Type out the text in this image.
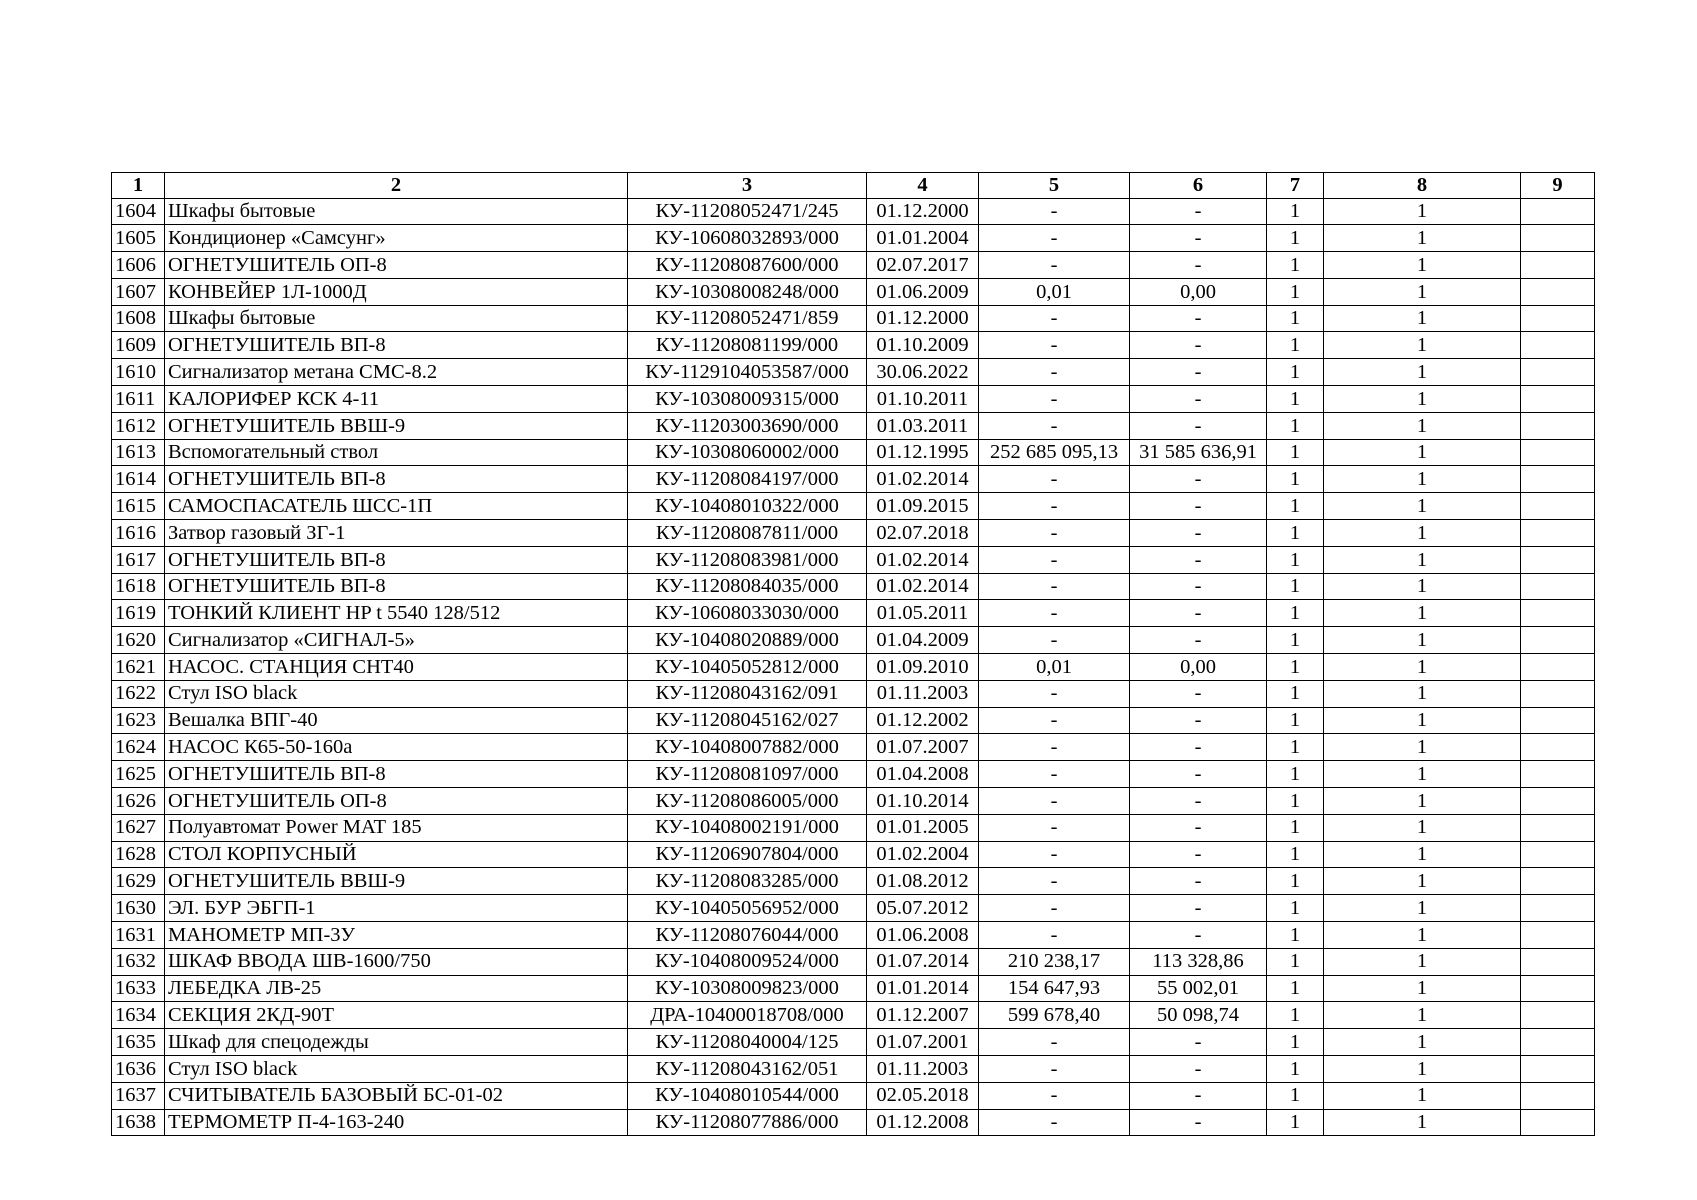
1	2	3	4	5	6	7	8	9
1604	Шкафы бытовые	КУ-11208052471/245	01.12.2000	-	-	1	1	
1605	Кондиционер «Самсунг»	КУ-10608032893/000	01.01.2004	-	-	1	1	
1606	ОГНЕТУШИТЕЛЬ ОП-8	КУ-11208087600/000	02.07.2017	-	-	1	1	
1607	КОНВЕЙЕР 1Л-1000Д	КУ-10308008248/000	01.06.2009	0,01	0,00	1	1	
1608	Шкафы бытовые	КУ-11208052471/859	01.12.2000	-	-	1	1	
1609	ОГНЕТУШИТЕЛЬ ВП-8	КУ-11208081199/000	01.10.2009	-	-	1	1	
1610	Сигнализатор метана СМС-8.2	КУ-1129104053587/000	30.06.2022	-	-	1	1	
1611	КАЛОРИФЕР КСК 4-11	КУ-10308009315/000	01.10.2011	-	-	1	1	
1612	ОГНЕТУШИТЕЛЬ ВВШ-9	КУ-11203003690/000	01.03.2011	-	-	1	1	
1613	Вспомогательный ствол	КУ-10308060002/000	01.12.1995	252 685 095,13	31 585 636,91	1	1	
1614	ОГНЕТУШИТЕЛЬ ВП-8	КУ-11208084197/000	01.02.2014	-	-	1	1	
1615	САМОСПАСАТЕЛЬ ШСС-1П	КУ-10408010322/000	01.09.2015	-	-	1	1	
1616	Затвор газовый ЗГ-1	КУ-11208087811/000	02.07.2018	-	-	1	1	
1617	ОГНЕТУШИТЕЛЬ ВП-8	КУ-11208083981/000	01.02.2014	-	-	1	1	
1618	ОГНЕТУШИТЕЛЬ ВП-8	КУ-11208084035/000	01.02.2014	-	-	1	1	
1619	ТОНКИЙ КЛИЕНТ HP t 5540 128/512	КУ-10608033030/000	01.05.2011	-	-	1	1	
1620	Сигнализатор «СИГНАЛ-5»	КУ-10408020889/000	01.04.2009	-	-	1	1	
1621	НАСОС. СТАНЦИЯ СНТ40	КУ-10405052812/000	01.09.2010	0,01	0,00	1	1	
1622	Стул ISO black	КУ-11208043162/091	01.11.2003	-	-	1	1	
1623	Вешалка ВПГ-40	КУ-11208045162/027	01.12.2002	-	-	1	1	
1624	НАСОС К65-50-160а	КУ-10408007882/000	01.07.2007	-	-	1	1	
1625	ОГНЕТУШИТЕЛЬ ВП-8	КУ-11208081097/000	01.04.2008	-	-	1	1	
1626	ОГНЕТУШИТЕЛЬ ОП-8	КУ-11208086005/000	01.10.2014	-	-	1	1	
1627	Полуавтомат Power MAT 185	КУ-10408002191/000	01.01.2005	-	-	1	1	
1628	СТОЛ КОРПУСНЫЙ	КУ-11206907804/000	01.02.2004	-	-	1	1	
1629	ОГНЕТУШИТЕЛЬ ВВШ-9	КУ-11208083285/000	01.08.2012	-	-	1	1	
1630	ЭЛ. БУР ЭБГП-1	КУ-10405056952/000	05.07.2012	-	-	1	1	
1631	МАНОМЕТР МП-3У	КУ-11208076044/000	01.06.2008	-	-	1	1	
1632	ШКАФ ВВОДА ШВ-1600/750	КУ-10408009524/000	01.07.2014	210 238,17	113 328,86	1	1	
1633	ЛЕБЕДКА ЛВ-25	КУ-10308009823/000	01.01.2014	154 647,93	55 002,01	1	1	
1634	СЕКЦИЯ 2КД-90Т	ДРА-10400018708/000	01.12.2007	599 678,40	50 098,74	1	1	
1635	Шкаф для спецодежды	КУ-11208040004/125	01.07.2001	-	-	1	1	
1636	Стул ISO black	КУ-11208043162/051	01.11.2003	-	-	1	1	
1637	СЧИТЫВАТЕЛЬ БАЗОВЫЙ БС-01-02	КУ-10408010544/000	02.05.2018	-	-	1	1	
1638	ТЕРМОМЕТР П-4-163-240	КУ-11208077886/000	01.12.2008	-	-	1	1	
